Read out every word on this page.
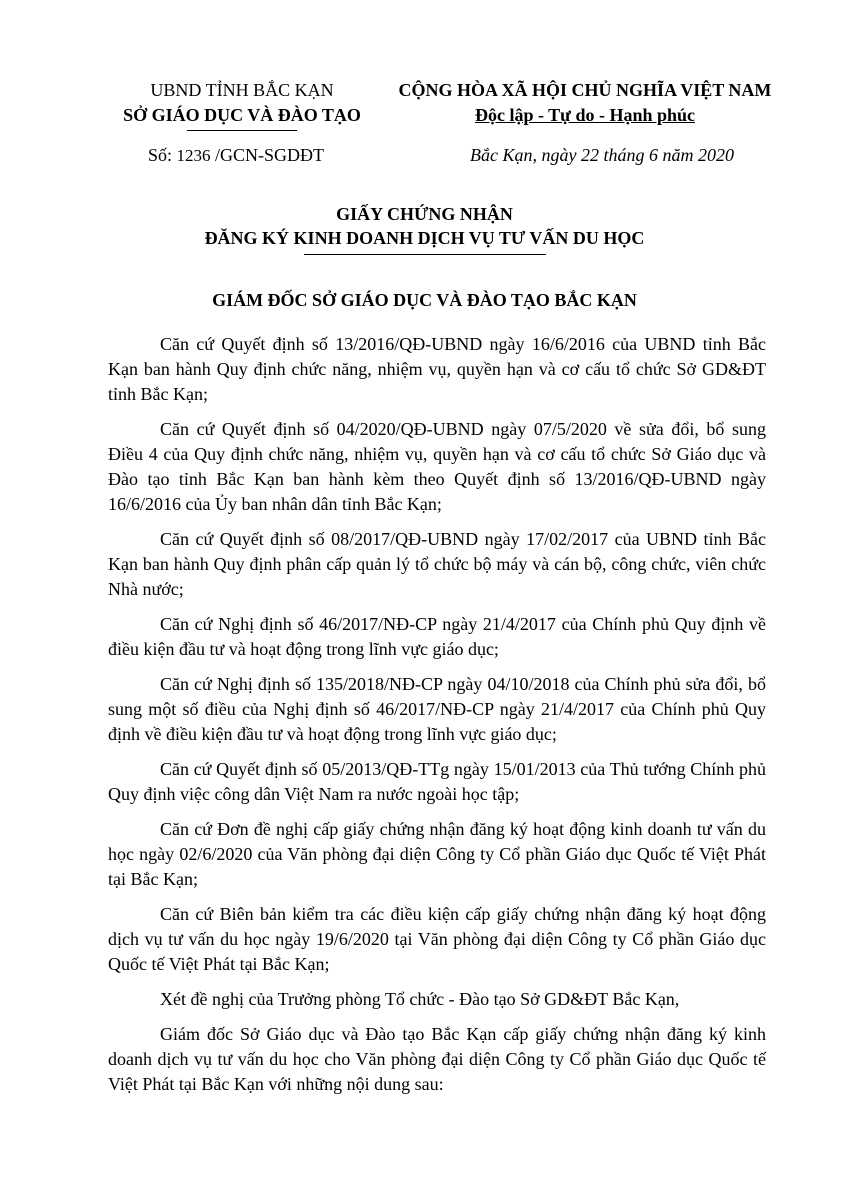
UBND TỈNH BẮC KẠN
SỞ GIÁO DỤC VÀ ĐÀO TẠO
CỘNG HÒA XÃ HỘI CHỦ NGHĨA VIỆT NAM
Độc lập - Tự do - Hạnh phúc
Số: 1236 /GCN-SGDĐT	Bắc Kạn, ngày 22 tháng 6 năm 2020
GIẤY CHỨNG NHẬN
ĐĂNG KÝ KINH DOANH DỊCH VỤ TƯ VẤN DU HỌC
GIÁM ĐỐC SỞ GIÁO DỤC VÀ ĐÀO TẠO BẮC KẠN

Căn cứ Quyết định số 13/2016/QĐ-UBND ngày 16/6/2016 của UBND tỉnh Bắc Kạn ban hành Quy định chức năng, nhiệm vụ, quyền hạn và cơ cấu tổ chức Sở GD&ĐT tỉnh Bắc Kạn;

Căn cứ Quyết định số 04/2020/QĐ-UBND ngày 07/5/2020 về sửa đổi, bổ sung Điều 4 của Quy định chức năng, nhiệm vụ, quyền hạn và cơ cấu tổ chức Sở Giáo dục và Đào tạo tỉnh Bắc Kạn ban hành kèm theo Quyết định số 13/2016/QĐ-UBND ngày 16/6/2016 của Ủy ban nhân dân tỉnh Bắc Kạn;

Căn cứ Quyết định số 08/2017/QĐ-UBND ngày 17/02/2017 của UBND tỉnh Bắc Kạn ban hành Quy định phân cấp quản lý tổ chức bộ máy và cán bộ, công chức, viên chức Nhà nước;

Căn cứ Nghị định số 46/2017/NĐ-CP ngày 21/4/2017 của Chính phủ Quy định về điều kiện đầu tư và hoạt động trong lĩnh vực giáo dục;

Căn cứ Nghị định số 135/2018/NĐ-CP ngày 04/10/2018 của Chính phủ sửa đổi, bổ sung một số điều của Nghị định số 46/2017/NĐ-CP ngày 21/4/2017 của Chính phủ Quy định về điều kiện đầu tư và hoạt động trong lĩnh vực giáo dục;

Căn cứ Quyết định số 05/2013/QĐ-TTg ngày 15/01/2013 của Thủ tướng Chính phủ Quy định việc công dân Việt Nam ra nước ngoài học tập;

Căn cứ Đơn đề nghị cấp giấy chứng nhận đăng ký hoạt động kinh doanh tư vấn du học ngày 02/6/2020 của Văn phòng đại diện Công ty Cổ phần Giáo dục Quốc tế Việt Phát tại Bắc Kạn;

Căn cứ Biên bản kiểm tra các điều kiện cấp giấy chứng nhận đăng ký hoạt động dịch vụ tư vấn du học ngày 19/6/2020 tại Văn phòng đại diện Công ty Cổ phần Giáo dục Quốc tế Việt Phát tại Bắc Kạn;

Xét đề nghị của Trưởng phòng Tổ chức - Đào tạo Sở GD&ĐT Bắc Kạn,

Giám đốc Sở Giáo dục và Đào tạo Bắc Kạn cấp giấy chứng nhận đăng ký kinh doanh dịch vụ tư vấn du học cho Văn phòng đại diện Công ty Cổ phần Giáo dục Quốc tế Việt Phát tại Bắc Kạn với những nội dung sau:
